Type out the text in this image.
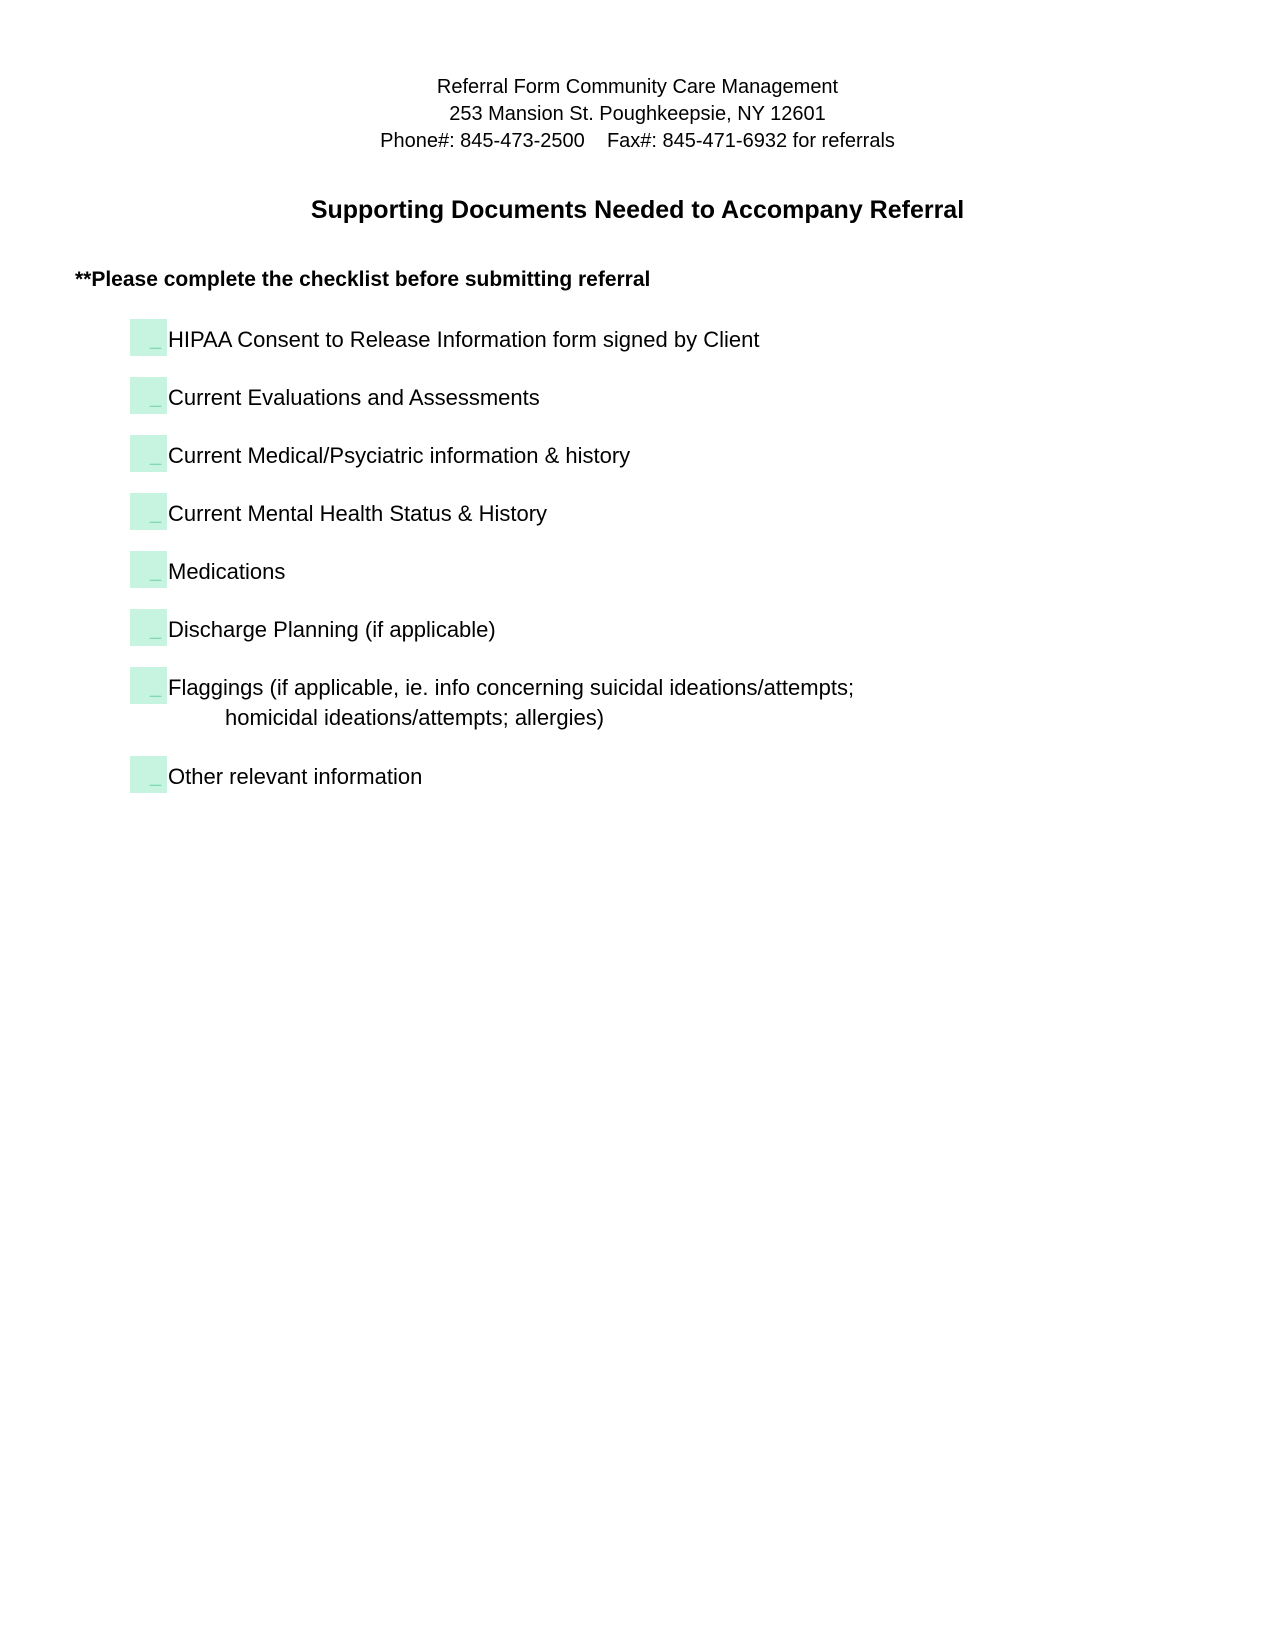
Referral Form Community Care Management
253 Mansion St. Poughkeepsie, NY 12601
Phone#: 845-473-2500    Fax#: 845-471-6932 for referrals
Supporting Documents Needed to Accompany Referral
**Please complete the checklist before submitting referral
_ HIPAA Consent to Release Information form signed by Client
_ Current Evaluations and Assessments
_ Current Medical/Psyciatric information & history
_ Current Mental Health Status & History
_ Medications
_ Discharge Planning (if applicable)
_ Flaggings (if applicable, ie. info concerning suicidal ideations/attempts;
homicidal ideations/attempts; allergies)
_ Other relevant information
